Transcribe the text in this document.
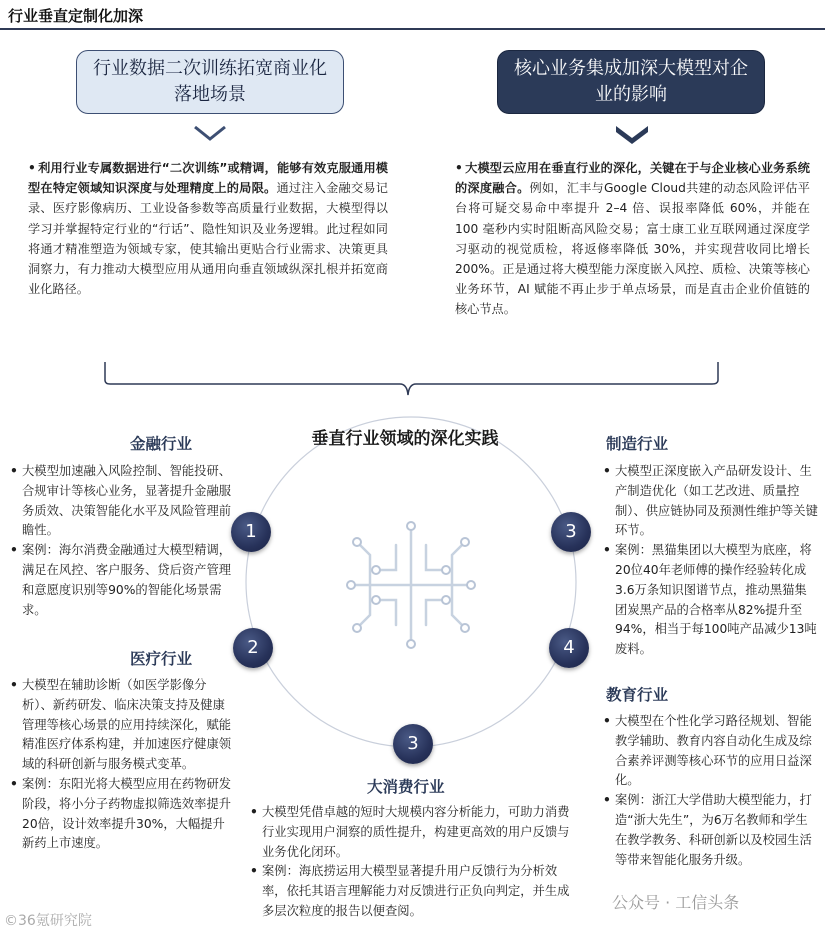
行业垂直定制化加深
行业数据二次训练拓宽商业化落地场景
核心业务集成加深大模型对企业的影响
• 利用行业专属数据进行“二次训练”或精调，能够有效克服通用模型在特定领域知识深度与处理精度上的局限。通过注入金融交易记录、医疗影像病历、工业设备参数等高质量行业数据，大模型得以学习并掌握特定行业的“行话”、隐性知识及业务逻辑。此过程如同将通才精准塑造为领域专家，使其输出更贴合行业需求、决策更具洞察力，有力推动大模型应用从通用向垂直领域纵深扎根并拓宽商业化路径。
• 大模型云应用在垂直行业的深化，关键在于与企业核心业务系统的深度融合。例如，汇丰与Google Cloud共建的动态风险评估平台将可疑交易命中率提升 2–4 倍、误报率降低 60%，并能在 100 毫秒内实时阻断高风险交易；富士康工业互联网通过深度学习驱动的视觉质检，将返修率降低 30%，并实现营收同比增长 200%。正是通过将大模型能力深度嵌入风控、质检、决策等核心业务环节，AI 赋能不再止步于单点场景，而是直击企业价值链的核心节点。
垂直行业领域的深化实践
1
2
3
3
4
金融行业
• 大模型加速融入风险控制、智能投研、合规审计等核心业务，显著提升金融服务质效、决策智能化水平及风险管理前瞻性。
• 案例：海尔消费金融通过大模型精调，满足在风控、客户服务、贷后资产管理和意愿度识别等90%的智能化场景需求。
医疗行业
• 大模型在辅助诊断（如医学影像分析）、新药研发、临床决策支持及健康管理等核心场景的应用持续深化，赋能精准医疗体系构建，并加速医疗健康领域的科研创新与服务模式变革。
• 案例：东阳光将大模型应用在药物研发阶段，将小分子药物虚拟筛选效率提升20倍，设计效率提升30%，大幅提升新药上市速度。
大消费行业
• 大模型凭借卓越的短时大规模内容分析能力，可助力消费行业实现用户洞察的质性提升，构建更高效的用户反馈与业务优化闭环。
• 案例：海底捞运用大模型显著提升用户反馈行为分析效率，依托其语言理解能力对反馈进行正负向判定，并生成多层次粒度的报告以便查阅。
制造行业
• 大模型正深度嵌入产品研发设计、生产制造优化（如工艺改进、质量控制）、供应链协同及预测性维护等关键环节。
• 案例：黑猫集团以大模型为底座，将20位40年老师傅的操作经验转化成3.6万条知识图谱节点，推动黑猫集团炭黑产品的合格率从82%提升至94%，相当于每100吨产品减少13吨废料。
教育行业
• 大模型在个性化学习路径规划、智能教学辅助、教育内容自动化生成及综合素养评测等核心环节的应用日益深化。
• 案例：浙江大学借助大模型能力，打造“浙大先生”，为6万名教师和学生在教学教务、科研创新以及校园生活等带来智能化服务升级。
©36氪研究院
公众号 · 工信头条
